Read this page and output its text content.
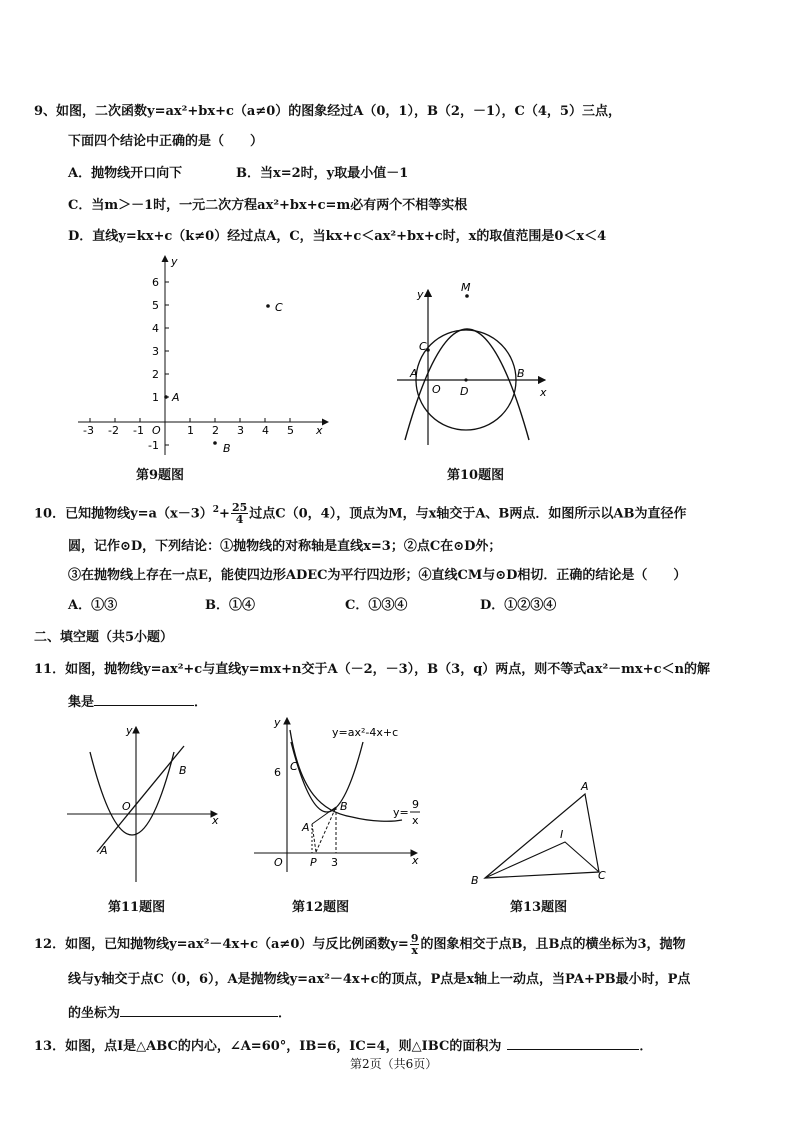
9、如图，二次函数y=ax²+bx+c（a≠0）的图象经过A（0，1），B（2，－1），C（4，5）三点，
下面四个结论中正确的是（　　）
A．抛物线开口向下	B．当x=2时，y取最小值－1
C．当m＞－1时，一元二次方程ax²+bx+c=m必有两个不相等实根
D．直线y=kx+c（k≠0）经过点A，C，当kx+c＜ax²+bx+c时，x的取值范围是0＜x＜4
-3 -2 -1 O 1 2 3 4 5 x
y
6
5
4
3
2
1
-1
A
B
C
第9题图
x
y
M
C
A
O D
B
第10题图
10．已知抛物线$y=a(x-3)^2+ \frac{25}{4}$ 过点C（0，4），顶点为M，与x轴交于A、B两点．如图所示以AB为直径作
圆，记作⊙D，下列结论：①抛物线的对称轴是直线x=3；②点C在⊙D外；
③在抛物线上存在一点E，能使四边形ADEC为平行四边形；④直线CM与⊙D相切．正确的结论是（　　）
A．①③	B．①④	C．①③④	D．①②③④
二、填空题（共5小题）
11．如图，抛物线y=ax²+c与直线y=mx+n交于A（－2，－3），B（3，q）两点，则不等式ax²－mx+c＜n的解
集是	．
x
y
O
A
B
第11题图
y=ax²-4x+c
y=
9
x
x
y
O
6
3
C
B
A
P
第12题图
A
B	C
I
第13题图
12．如图，已知抛物线y=ax²－4x+c（a≠0）与反比例函数$y= \frac{9}{x}$ 的图象相交于点B，且B点的横坐标为3，抛物
线与y轴交于点C（0，6），A是抛物线y=ax²－4x+c的顶点，P点是x轴上一动点，当PA+PB最小时，P点
的坐标为	．
13．如图，点I是△ABC的内心，∠A=60°，IB=6，IC=4，则△IBC的面积为	．
第2页（共6页）
